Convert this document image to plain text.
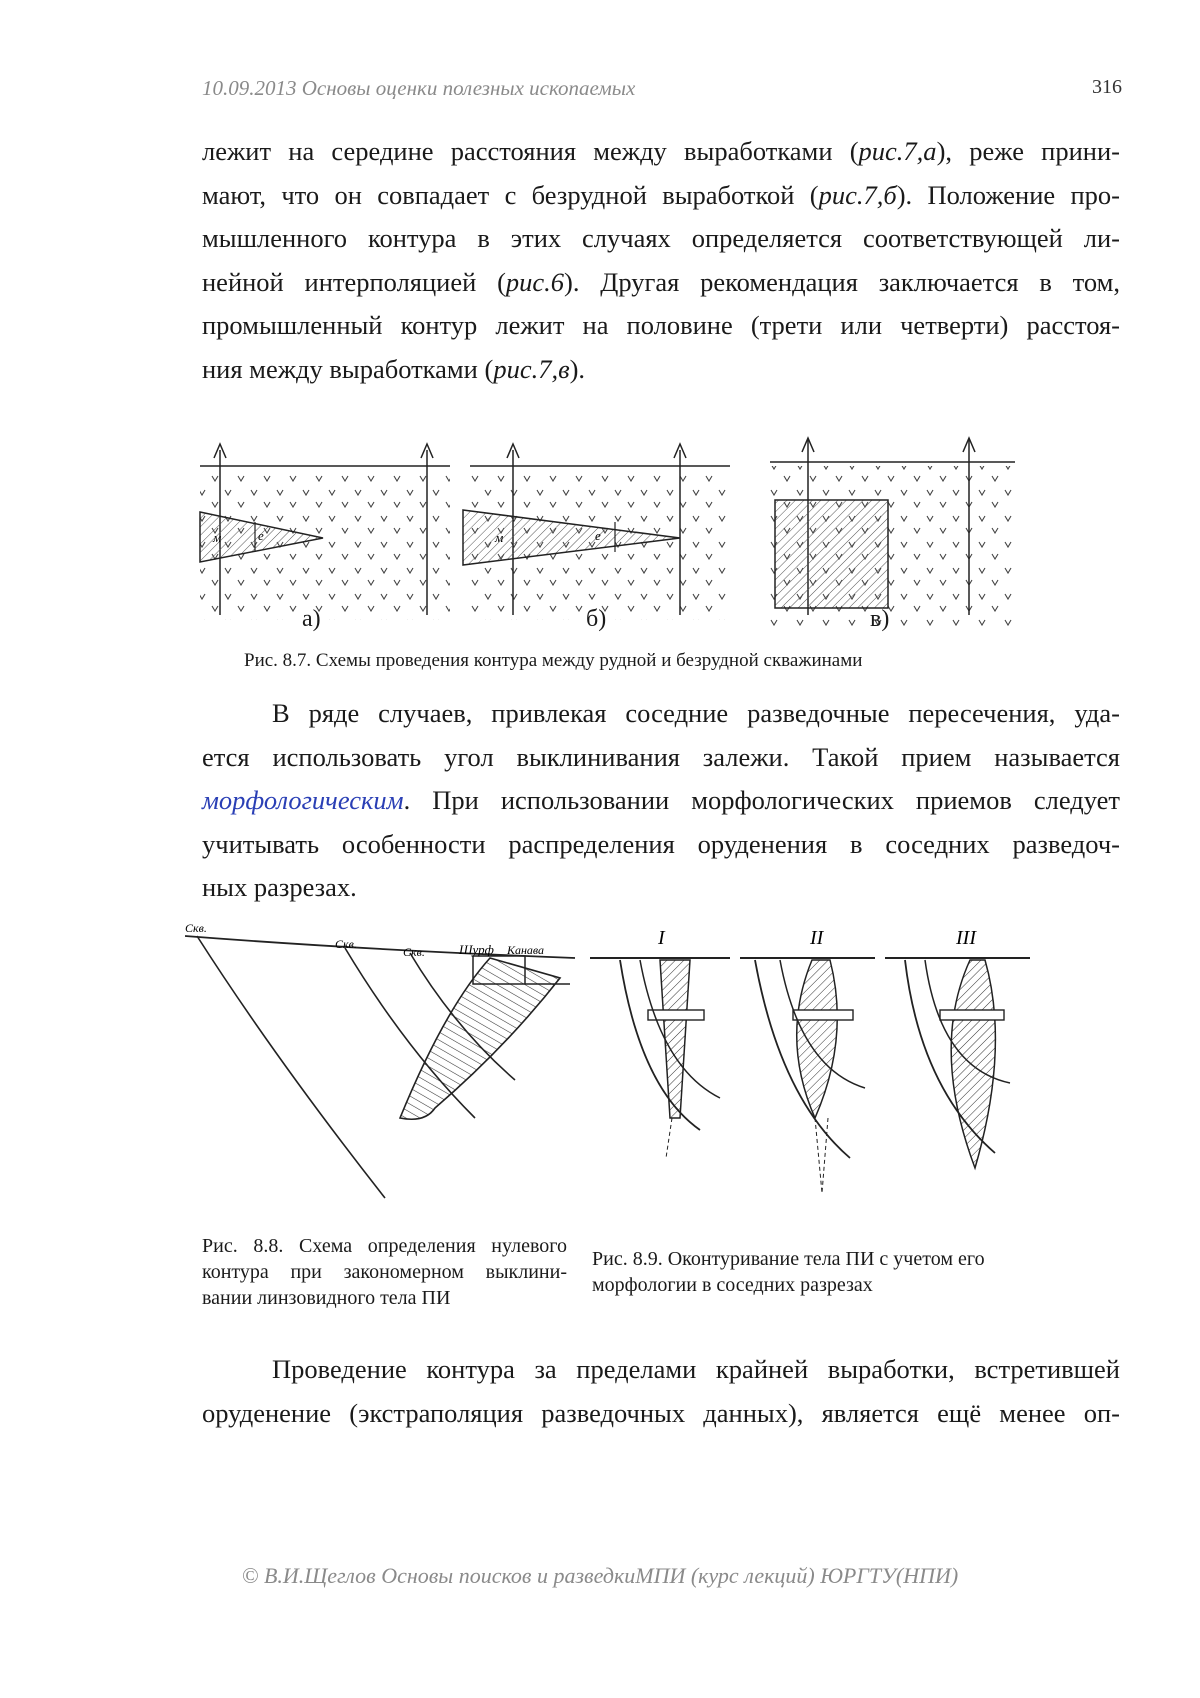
10.09.2013 Основы оценки полезных ископаемых	316
лежит на середине расстояния между выработками (рис.7,а), реже прини-
мают, что он совпадает с безрудной выработкой (рис.7,б). Положение про-
мышленного контура в этих случаях определяется соответствующей ли-
нейной интерполяцией (рис.6). Другая рекомендация заключается в том,
промышленный контур лежит на половине (трети или четверти) расстоя-
ния между выработками (рис.7,в).
м	е	м	е
а)	б)	в)
Рис. 8.7. Схемы проведения контура между рудной и безрудной скважинами
В ряде случаев, привлекая соседние разведочные пересечения, уда-
ется использовать угол выклинивания залежи. Такой прием называется
морфологическим. При использовании морфологических приемов следует
учитывать особенности распределения оруденения в соседних разведоч-
ных разрезах.
Скв.
Скв.
Скв.	Шурф Канава
I	II	III
Рис. 8.8. Схема определения нулевого
контура при закономерном выклини-
вании линзовидного тела ПИ
Рис. 8.9. Оконтуривание тела ПИ с учетом его
морфологии в соседних разрезах
Проведение контура за пределами крайней выработки, встретившей
оруденение (экстраполяция разведочных данных), является ещё менее оп-
© В.И.Щеглов Основы поисков и разведкиМПИ (курс лекций) ЮРГТУ(НПИ)
